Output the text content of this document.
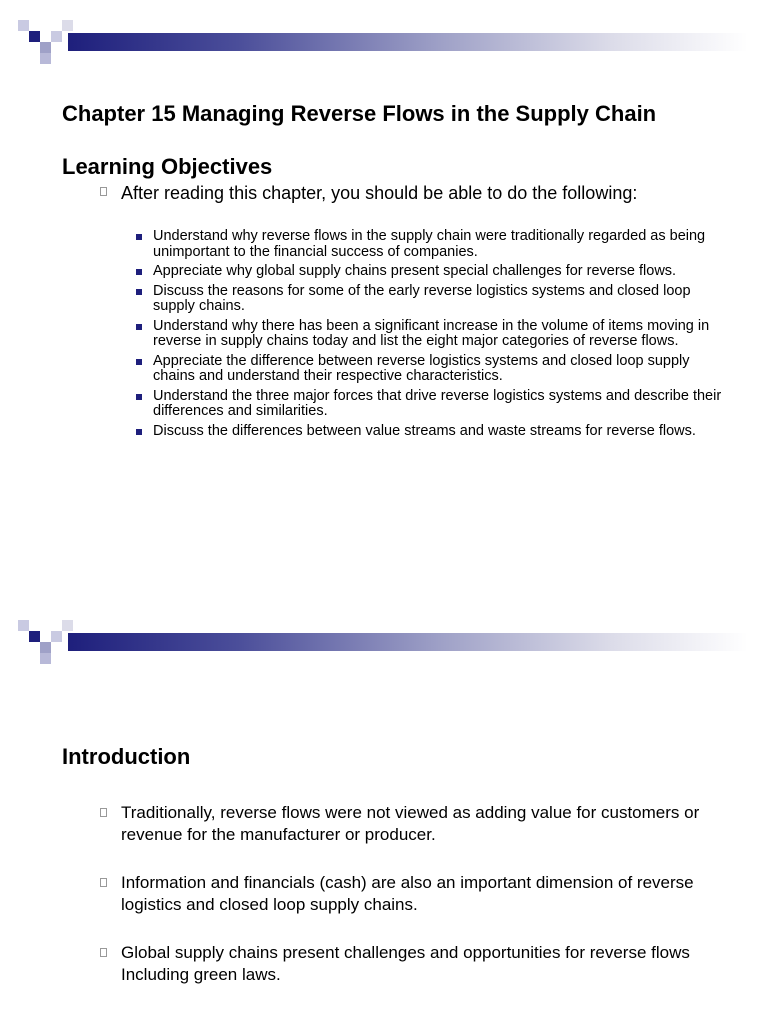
Chapter 15 Managing Reverse Flows in the Supply Chain
Learning Objectives
After reading this chapter, you should be able to do the following:
Understand why reverse flows in the supply chain were traditionally regarded as being unimportant to the financial success of companies.
Appreciate why global supply chains present special challenges for reverse flows.
Discuss the reasons for some of the early reverse logistics systems and closed loop supply chains.
Understand why there has been a significant increase in the volume of items moving in reverse in supply chains today and list the eight major categories of reverse flows.
Appreciate the difference between reverse logistics systems and closed loop supply chains and understand their respective characteristics.
Understand the three major forces that drive reverse logistics systems and describe their differences and similarities.
Discuss the differences between value streams and waste streams for reverse flows.
Introduction
Traditionally, reverse flows were not viewed as adding value for customers or revenue for the manufacturer or producer.
Information and financials (cash) are also an important dimension of reverse logistics and closed loop supply chains.
Global supply chains present challenges and opportunities for reverse flows Including green laws.
